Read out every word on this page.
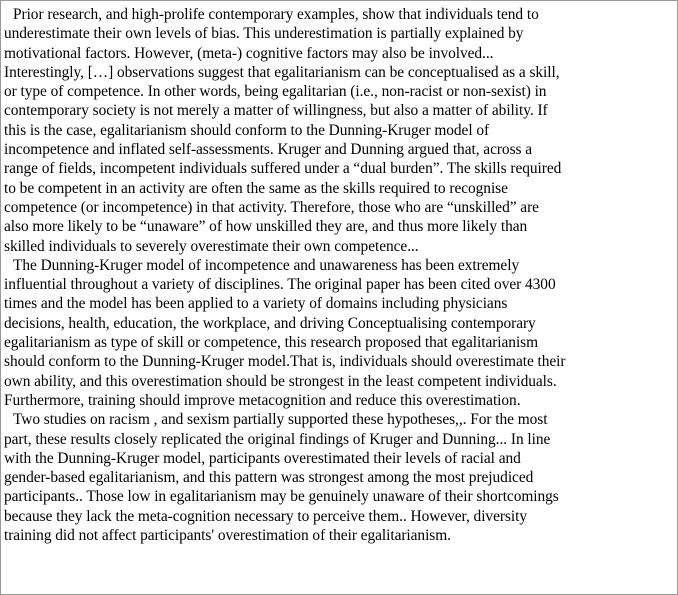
Prior research, and high-prolife contemporary examples, show that individuals tend to
underestimate their own levels of bias. This underestimation is partially explained by
motivational factors. However, (meta-) cognitive factors may also be involved...
Interestingly, […] observations suggest that egalitarianism can be conceptualised as a skill,
or type of competence. In other words, being egalitarian (i.e., non-racist or non-sexist) in
contemporary society is not merely a matter of willingness, but also a matter of ability. If
this is the case, egalitarianism should conform to the Dunning-Kruger model of
incompetence and inflated self-assessments. Kruger and Dunning argued that, across a
range of fields, incompetent individuals suffered under a “dual burden”. The skills required
to be competent in an activity are often the same as the skills required to recognise
competence (or incompetence) in that activity. Therefore, those who are “unskilled” are
also more likely to be “unaware” of how unskilled they are, and thus more likely than
skilled individuals to severely overestimate their own competence...

The Dunning-Kruger model of incompetence and unawareness has been extremely
influential throughout a variety of disciplines. The original paper has been cited over 4300
times and the model has been applied to a variety of domains including physicians
decisions, health, education, the workplace, and driving Conceptualising contemporary
egalitarianism as type of skill or competence, this research proposed that egalitarianism
should conform to the Dunning-Kruger model.That is, individuals should overestimate their
own ability, and this overestimation should be strongest in the least competent individuals.
Furthermore, training should improve metacognition and reduce this overestimation.

Two studies on racism , and sexism partially supported these hypotheses,,. For the most
part, these results closely replicated the original findings of Kruger and Dunning... In line
with the Dunning-Kruger model, participants overestimated their levels of racial and
gender-based egalitarianism, and this pattern was strongest among the most prejudiced
participants.. Those low in egalitarianism may be genuinely unaware of their shortcomings
because they lack the meta-cognition necessary to perceive them.. However, diversity
training did not affect participants' overestimation of their egalitarianism.
